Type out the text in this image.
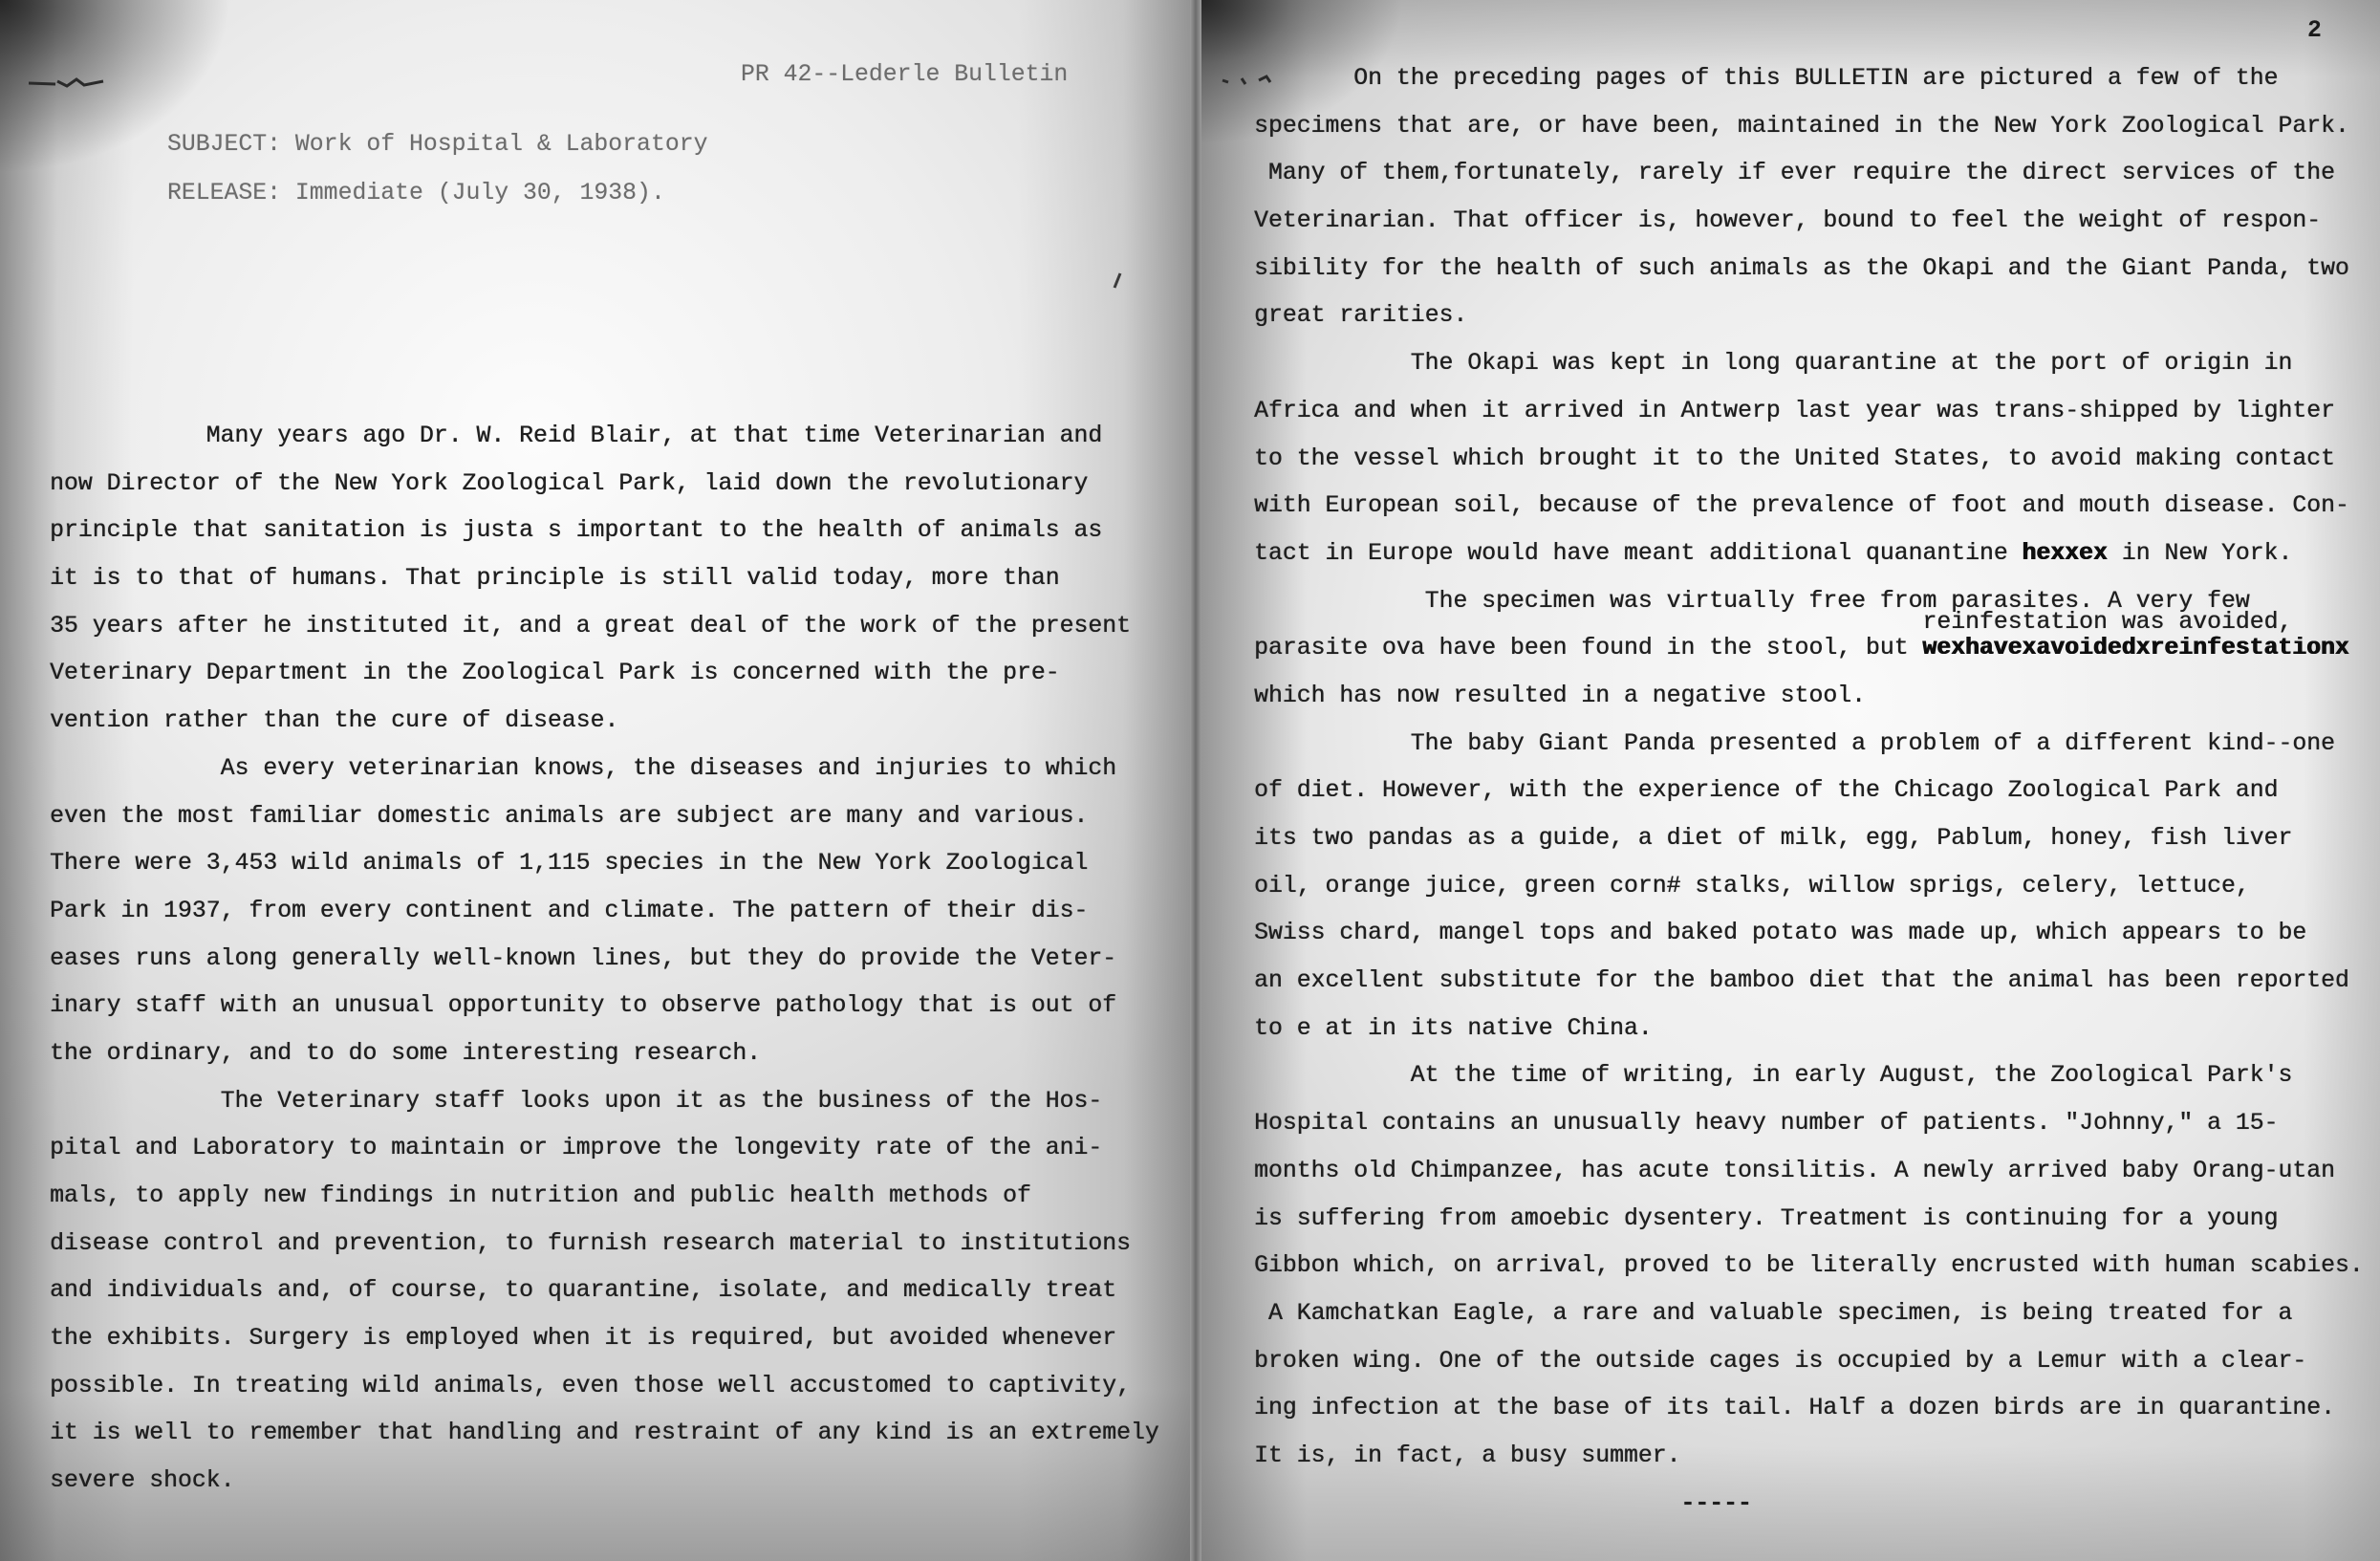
PR 42--Lederle Bulletin
SUBJECT: Work of Hospital & Laboratory
RELEASE: Immediate (July 30, 1938).
Many years ago Dr. W. Reid Blair, at that time Veterinarian and
now Director of the New York Zoological Park, laid down the revolutionary
principle that sanitation is justa s important to the health of animals as
it is to that of humans. That principle is still valid today, more than
35 years after he instituted it, and a great deal of the work of the present
Veterinary Department in the Zoological Park is concerned with the pre-
vention rather than the cure of disease.
As every veterinarian knows, the diseases and injuries to which
even the most familiar domestic animals are subject are many and various.
There were 3,453 wild animals of 1,115 species in the New York Zoological
Park in 1937, from every continent and climate. The pattern of their dis-
eases runs along generally well-known lines, but they do provide the Veter-
inary staff with an unusual opportunity to observe pathology that is out of
the ordinary, and to do some interesting research.
The Veterinary staff looks upon it as the business of the Hos-
pital and Laboratory to maintain or improve the longevity rate of the ani-
mals, to apply new findings in nutrition and public health methods of
disease control and prevention, to furnish research material to institutions
and individuals and, of course, to quarantine, isolate, and medically treat
the exhibits. Surgery is employed when it is required, but avoided whenever
possible. In treating wild animals, even those well accustomed to captivity,
it is well to remember that handling and restraint of any kind is an extremely
severe shock.
2
On the preceding pages of this BULLETIN are pictured a few of the
specimens that are, or have been, maintained in the New York Zoological Park.
Many of them,fortunately, rarely if ever require the direct services of the
Veterinarian. That officer is, however, bound to feel the weight of respon-
sibility for the health of such animals as the Okapi and the Giant Panda, two
great rarities.
The Okapi was kept in long quarantine at the port of origin in
Africa and when it arrived in Antwerp last year was trans-shipped by lighter
to the vessel which brought it to the United States, to avoid making contact
with European soil, because of the prevalence of foot and mouth disease. Con-
tact in Europe would have meant additional quanantine hexxex in New York.
The specimen was virtually free from parasites. A very few
parasite ova have been found in the stool, but wexhavexavoidedxreinfestationx
reinfestation was avoided,
which has now resulted in a negative stool.
The baby Giant Panda presented a problem of a different kind--one
of diet. However, with the experience of the Chicago Zoological Park and
its two pandas as a guide, a diet of milk, egg, Pablum, honey, fish liver
oil, orange juice, green corn# stalks, willow sprigs, celery, lettuce,
Swiss chard, mangel tops and baked potato was made up, which appears to be
an excellent substitute for the bamboo diet that the animal has been reported
to e at in its native China.
At the time of writing, in early August, the Zoological Park's
Hospital contains an unusually heavy number of patients. "Johnny," a 15-
months old Chimpanzee, has acute tonsilitis. A newly arrived baby Orang-utan
is suffering from amoebic dysentery. Treatment is continuing for a young
Gibbon which, on arrival, proved to be literally encrusted with human scabies.
A Kamchatkan Eagle, a rare and valuable specimen, is being treated for a
broken wing. One of the outside cages is occupied by a Lemur with a clear-
ing infection at the base of its tail. Half a dozen birds are in quarantine.
It is, in fact, a busy summer.
-----
